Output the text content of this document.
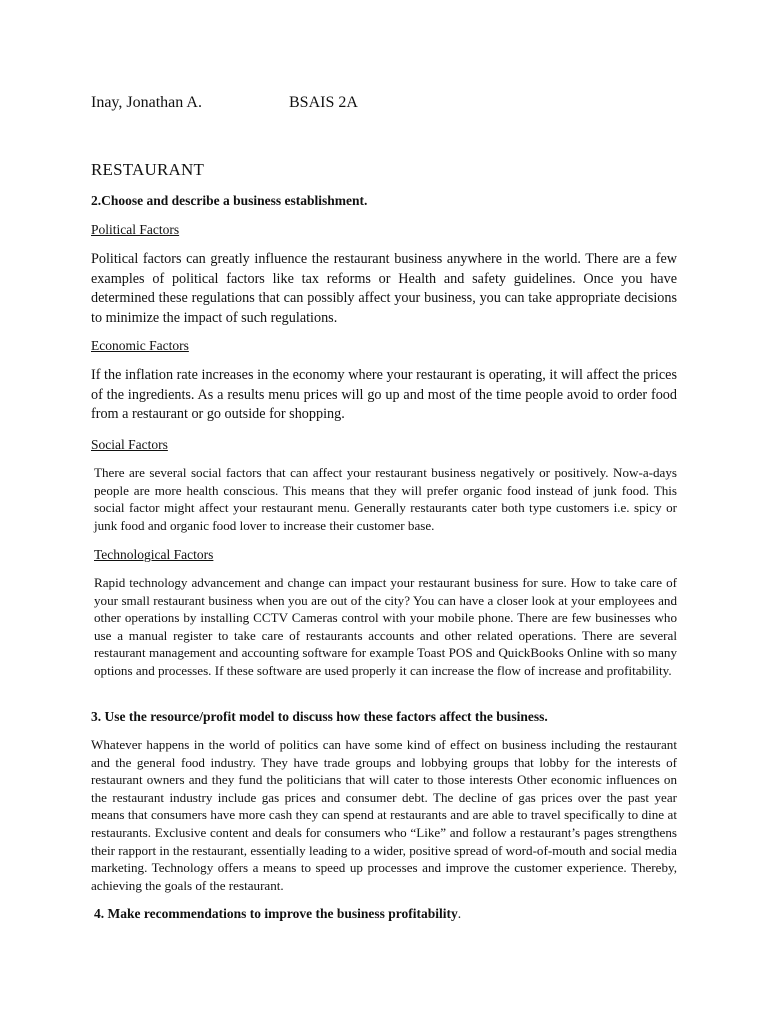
Inay, Jonathan A.	BSAIS 2A

RESTAURANT

2.Choose and describe a business establishment.

Political Factors

Political factors can greatly influence the restaurant business anywhere in the world. There are a few examples of political factors like tax reforms or Health and safety guidelines. Once you have determined these regulations that can possibly affect your business, you can take appropriate decisions to minimize the impact of such regulations.

Economic Factors

If the inflation rate increases in the economy where your restaurant is operating, it will affect the prices of the ingredients. As a results menu prices will go up and most of the time people avoid to order food from a restaurant or go outside for shopping.

Social Factors

There are several social factors that can affect your restaurant business negatively or positively. Now-a-days people are more health conscious. This means that they will prefer organic food instead of junk food. This social factor might affect your restaurant menu. Generally restaurants cater both type customers i.e. spicy or junk food and organic food lover to increase their customer base.

Technological Factors

Rapid technology advancement and change can impact your restaurant business for sure. How to take care of your small restaurant business when you are out of the city? You can have a closer look at your employees and other operations by installing CCTV Cameras control with your mobile phone. There are few businesses who use a manual register to take care of restaurants accounts and other related operations. There are several restaurant management and accounting software for example Toast POS and QuickBooks Online with so many options and processes. If these software are used properly it can increase the flow of increase and profitability.

3. Use the resource/profit model to discuss how these factors affect the business.

Whatever happens in the world of politics can have some kind of effect on business including the restaurant and the general food industry. They have trade groups and lobbying groups that lobby for the interests of restaurant owners and they fund the politicians that will cater to those interests Other economic influences on the restaurant industry include gas prices and consumer debt. The decline of gas prices over the past year means that consumers have more cash they can spend at restaurants and are able to travel specifically to dine at restaurants. Exclusive content and deals for consumers who “Like” and follow a restaurant’s pages strengthens their rapport in the restaurant, essentially leading to a wider, positive spread of word-of-mouth and social media marketing. Technology offers a means to speed up processes and improve the customer experience. Thereby, achieving the goals of the restaurant.

4. Make recommendations to improve the business profitability.
